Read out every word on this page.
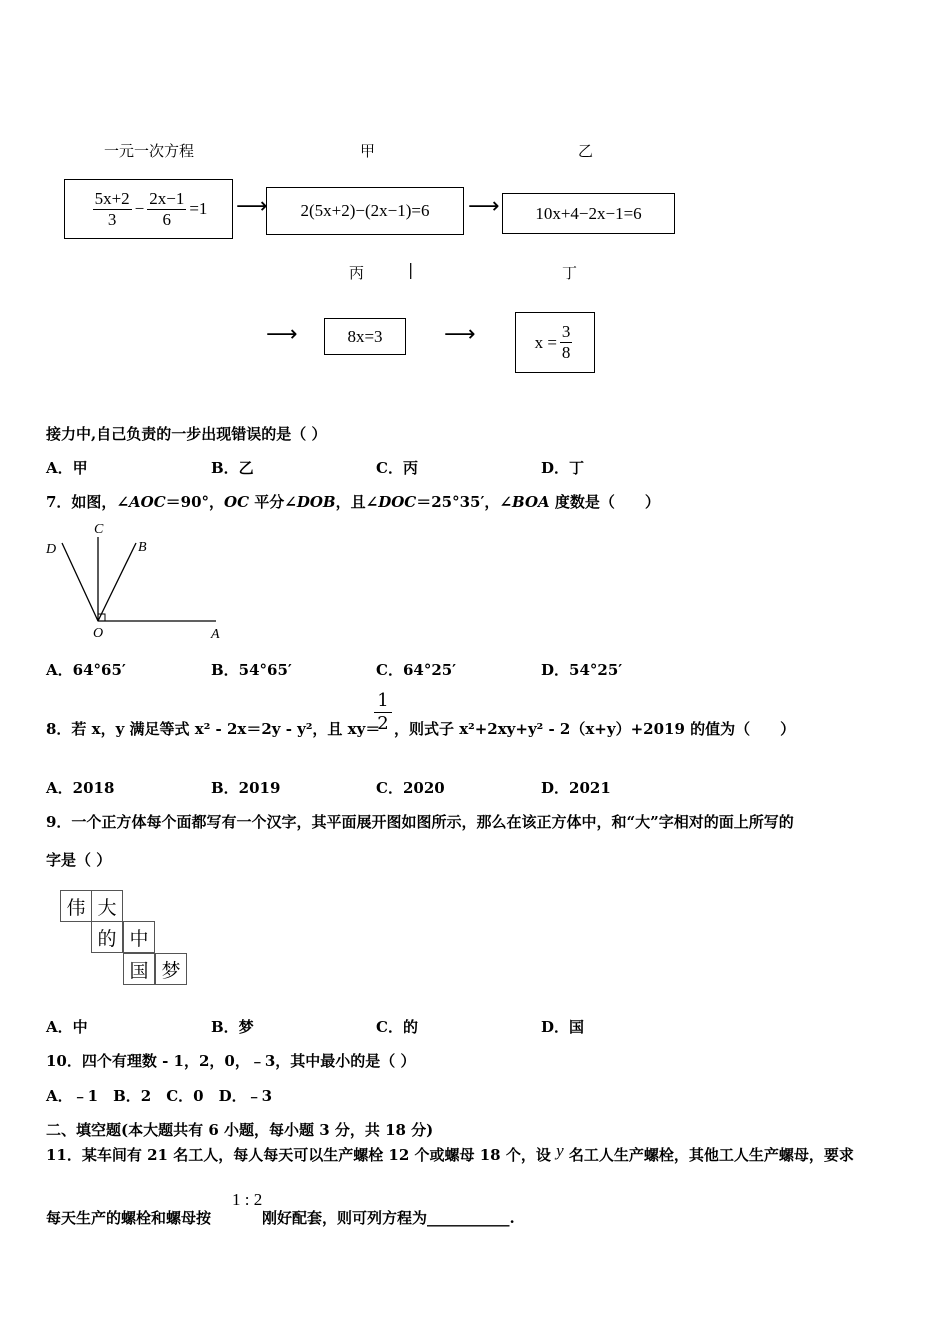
一元一次方程	甲	乙
$\frac{5x+2}{3} - \frac{2x-1}{6} =1$ ⟶	2(5x+2)−(2x−1)=6	⟶	10x+4−2x−1=6
丙	|	丁
⟶	8x=3	⟶	$x = \frac{3}{8}$
接力中,自己负责的一步出现错误的是（ ）
A．甲	B．乙	C．丙	D．丁
7．如图，∠AOC＝90°，OC 平分∠DOB，且∠DOC＝25°35′，∠BOA 度数是（　　）
C
D	B
O	A
A．64°65′	B．54°65′	C．64°25′	D．54°25′
8．若 x，y 满足等式 x² - 2x＝2y - y²，且 xy＝
$\frac{1}{2}$ ，则式子 x²+2xy+y² - 2（x+y）+2019 的值为（　　）
A．2018	B．2019	C．2020	D．2021
9．一个正方体每个面都写有一个汉字，其平面展开图如图所示，那么在该正方体中，和“大”字相对的面上所写的
字是（ ）
伟 大
的 中
国 梦
A．中	B．梦	C．的	D．国
10．四个有理数 - 1，2，0，﹣3，其中最小的是（ ）
A．﹣1　B．2　C．0　D．﹣3
二、填空题(本大题共有 6 小题，每小题 3 分，共 18 分)
11．某车间有 21 名工人，每人每天可以生产螺栓 12 个或螺母 18 个，设 y 名工人生产螺栓，其他工人生产螺母，要求
每天生产的螺栓和螺母按
1 : 2
刚好配套，则可列方程为___________.
